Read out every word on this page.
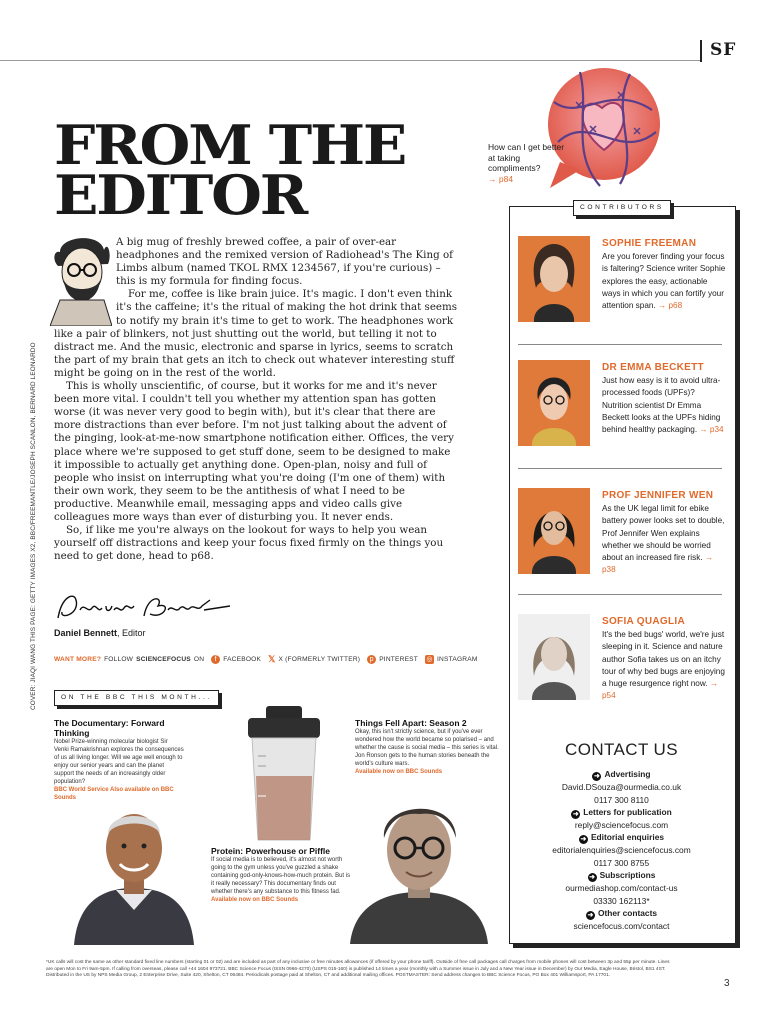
SF
FROM THE
EDITOR
How can I get better at taking compliments?
→ p84

A big mug of freshly brewed coffee, a pair of over-ear headphones and the remixed version of Radiohead's The King of Limbs album (named TKOL RMX 1234567, if you're curious) – this is my formula for finding focus.

For me, coffee is like brain juice. It's magic. I don't even think it's the caffeine; it's the ritual of making the hot drink that seems to notify my brain it's time to get to work. The headphones work like a pair of blinkers, not just shutting out the world, but telling it not to distract me. And the music, electronic and sparse in lyrics, seems to scratch the part of my brain that gets an itch to check out whatever interesting stuff might be going on in the rest of the world.

This is wholly unscientific, of course, but it works for me and it's never been more vital. I couldn't tell you whether my attention span has gotten worse (it was never very good to begin with), but it's clear that there are more distractions than ever before. I'm not just talking about the advent of the pinging, look-at-me-now smartphone notification either. Offices, the very place where we're supposed to get stuff done, seem to be designed to make it impossible to actually get anything done. Open-plan, noisy and full of people who insist on interrupting what you're doing (I'm one of them) with their own work, they seem to be the antithesis of what I need to be productive. Meanwhile email, messaging apps and video calls give colleagues more ways than ever of disturbing you. It never ends.

So, if like me you're always on the lookout for ways to help you wean yourself off distractions and keep your focus fixed firmly on the things you need to get done, head to p68.

Daniel Bennett, Editor
WANT MORE? FOLLOW SCIENCEFOCUS ON	f FACEBOOK 𝕏 X (FORMERLY TWITTER)	p PINTEREST ◎ INSTAGRAM
COVER: JIAQI WANG THIS PAGE: GETTY IMAGES X2, BBC/FREEMANTLE/JOSEPH SCANLON, BERNARD LEONARDO	ON THE BBC THIS MONTH...
The Documentary: Forward Thinking
Nobel Prize-winning molecular biologist Sir Venki Ramakrishnan explores the consequences of us all living longer. Will we age well enough to enjoy our senior years and can the planet support the needs of an increasingly older population?
BBC World Service Also available on BBC Sounds
Protein: Powerhouse or Piffle
If social media is to believed, it's almost not worth going to the gym unless you've guzzled a shake containing god-only-knows-how-much protein. But is it really necessary? This documentary finds out whether there's any substance to this fitness fad.
Available now on BBC Sounds
Things Fell Apart: Season 2
Okay, this isn't strictly science, but if you've ever wondered how the world became so polarised – and whether the cause is social media – this series is vital. Jon Ronson gets to the human stories beneath the world's culture wars.
Available now on BBC Sounds
CONTRIBUTORS
SOPHIE FREEMAN
Are you forever finding your focus is faltering? Science writer Sophie explores the easy, actionable ways in which you can fortify your attention span. → p68
DR EMMA BECKETT
Just how easy is it to avoid ultra-processed foods (UPFs)? Nutrition scientist Dr Emma Beckett looks at the UPFs hiding behind healthy packaging. → p34
PROF JENNIFER WEN
As the UK legal limit for ebike battery power looks set to double, Prof Jennifer Wen explains whether we should be worried about an increased fire risk. → p38
SOFIA QUAGLIA
It's the bed bugs' world, we're just sleeping in it. Science and nature author Sofia takes us on an itchy tour of why bed bugs are enjoying a huge resurgence right now. → p54
CONTACT US
➜ Advertising
David.DSouza@ourmedia.co.uk
0117 300 8110
➜ Letters for publication
reply@sciencefocus.com
➜ Editorial enquiries
editorialenquiries@sciencefocus.com
0117 300 8755
➜ Subscriptions
ourmediashop.com/contact-us
03330 162113*
➜ Other contacts
sciencefocus.com/contact
*UK calls will cost the same as other standard fixed line numbers (starting 01 or 02) and are included as part of any inclusive or free minutes allowances (if offered by your phone tariff). Outside of free call packages call charges from mobile phones will cost between 3p and 55p per minute. Lines are open Mon to Fri 9am-5pm. If calling from overseas, please call +44 1604 973721. BBC Science Focus (ISSN 0966-4270) (USPS 015-160) is published 14 times a year (monthly with a Summer issue in July and a New Year issue in December) by Our Media, Eagle House, Bristol, BS1 4ST. Distributed in the US by NPS Media Group, 2 Enterprise Drive, Suite 420, Shelton, CT 06484. Periodicals postage paid at Shelton, CT and additional mailing offices. POSTMASTER: Send address changes to BBC Science Focus, PO Box 401 Williamsport, PA 17701.
3
